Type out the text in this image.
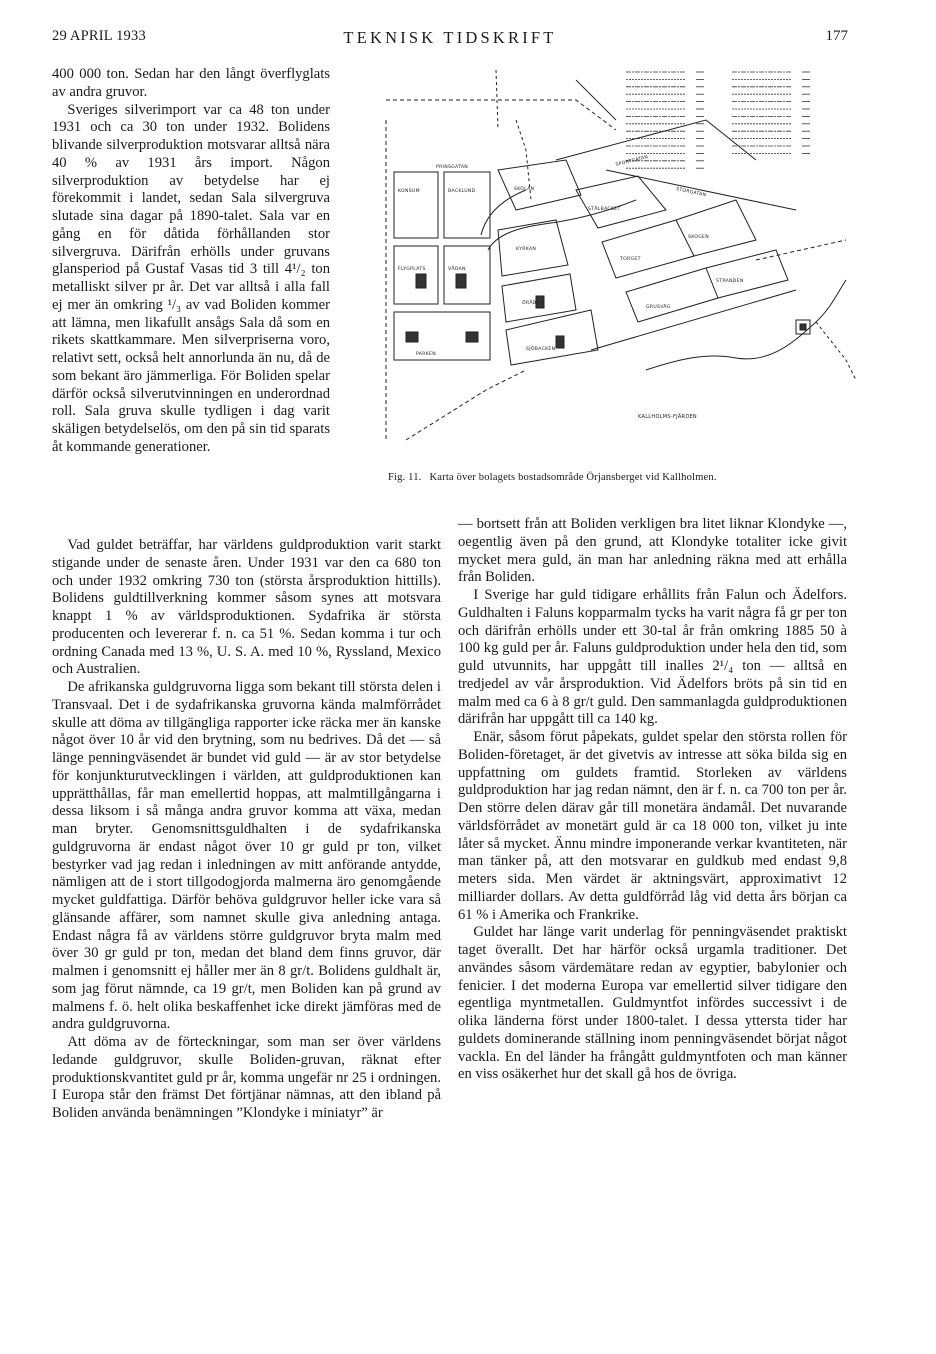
29 APRIL 1933	TEKNISK TIDSKRIFT	177

400 000 ton. Sedan har den långt överflyglats av andra gruvor.

Sveriges silverimport var ca 48 ton under 1931 och ca 30 ton under 1932. Bolidens blivande silverproduktion motsvarar alltså nära 40 % av 1931 års import. Någon silverproduktion av betydelse har ej förekommit i landet, sedan Sala silvergruva slutade sina dagar på 1890-talet. Sala var en gång en för dåtida förhållanden stor silvergruva. Därifrån erhölls under gruvans glansperiod på Gustaf Vasas tid 3 till 4¹/₂ ton metalliskt silver pr år. Det var alltså i alla fall ej mer än omkring ¹/₃ av vad Boliden kommer att lämna, men likafullt ansågs Sala då som en rikets skattkammare. Men silverpriserna voro, relativt sett, också helt annorlunda än nu, då de som bekant äro jämmerliga. För Boliden spelar därför också silverutvinningen en underordnad roll. Sala gruva skulle tydligen i dag varit skäligen betydelselös, om den på sin tid sparats åt kommande generationer.

KONSUM	BACKLUND
FLYGPLATS	VÅDAN
PARKEN
SKOLAN
KYRKAN
ÖRÅBY
SJÖBACKEN
STÅLBACKET
TORGET
GRUSVÄG
SKOGEN
STRANDEN
SPORTGATAN
STORGATAN
PRINSGATAN
KALLHOLMS-FJÄRDEN
Fig. 11. Karta över bolagets bostadsområde Örjansberget vid Kallholmen.

Vad guldet beträffar, har världens guldproduktion varit starkt stigande under de senaste åren. Under 1931 var den ca 680 ton och under 1932 omkring 730 ton (största årsproduktion hittills). Bolidens guldtillverkning kommer såsom synes att motsvara knappt 1 % av världsproduktionen. Sydafrika är största producenten och levererar f. n. ca 51 %. Sedan komma i tur och ordning Canada med 13 %, U. S. A. med 10 %, Ryssland, Mexico och Australien.

De afrikanska guldgruvorna ligga som bekant till största delen i Transvaal. Det i de sydafrikanska gruvorna kända malmförrådet skulle att döma av tillgängliga rapporter icke räcka mer än kanske något över 10 år vid den brytning, som nu bedrives. Då det — så länge penningväsendet är bundet vid guld — är av stor betydelse för konjunkturutvecklingen i världen, att guldproduktionen kan upprätthållas, får man emellertid hoppas, att malmtillgångarna i dessa liksom i så många andra gruvor komma att växa, medan man bryter. Genomsnittsguldhalten i de sydafrikanska guldgruvorna är endast något över 10 gr guld pr ton, vilket bestyrker vad jag redan i inledningen av mitt anförande antydde, nämligen att de i stort tillgodogjorda malmerna äro genomgående mycket guldfattiga. Därför behöva guldgruvor heller icke vara så glänsande affärer, som namnet skulle giva anledning antaga. Endast några få av världens större guldgruvor bryta malm med över 30 gr guld pr ton, medan det bland dem finns gruvor, där malmen i genomsnitt ej håller mer än 8 gr/t. Bolidens guldhalt är, som jag förut nämnde, ca 19 gr/t, men Boliden kan på grund av malmens f. ö. helt olika beskaffenhet icke direkt jämföras med de andra guldgruvorna.

Att döma av de förteckningar, som man ser över världens ledande guldgruvor, skulle Boliden-gruvan, räknat efter produktionskvantitet guld pr år, komma ungefär nr 25 i ordningen. I Europa står den främst Det förtjänar nämnas, att den ibland på Boliden använda benämningen ”Klondyke i miniatyr” är

— bortsett från att Boliden verkligen bra litet liknar Klondyke —, oegentlig även på den grund, att Klondyke totaliter icke givit mycket mera guld, än man har anledning räkna med att erhålla från Boliden.

I Sverige har guld tidigare erhållits från Falun och Ädelfors. Guldhalten i Faluns kopparmalm tycks ha varit några få gr per ton och därifrån erhölls under ett 30-tal år från omkring 1885 50 à 100 kg guld per år. Faluns guldproduktion under hela den tid, som guld utvunnits, har uppgått till inalles 2¹/₄ ton — alltså en tredjedel av vår årsproduktion. Vid Ädelfors bröts på sin tid en malm med ca 6 à 8 gr/t guld. Den sammanlagda guldproduktionen därifrån har uppgått till ca 140 kg.

Enär, såsom förut påpekats, guldet spelar den största rollen för Boliden-företaget, är det givetvis av intresse att söka bilda sig en uppfattning om guldets framtid. Storleken av världens guldproduktion har jag redan nämnt, den är f. n. ca 700 ton per år. Den större delen därav går till monetära ändamål. Det nuvarande världsförrådet av monetärt guld är ca 18 000 ton, vilket ju inte låter så mycket. Ännu mindre imponerande verkar kvantiteten, när man tänker på, att den motsvarar en guldkub med endast 9,8 meters sida. Men värdet är aktningsvärt, approximativt 12 milliarder dollars. Av detta guldförråd låg vid detta års början ca 61 % i Amerika och Frankrike.

Guldet har länge varit underlag för penningväsendet praktiskt taget överallt. Det har härför också urgamla traditioner. Det användes såsom värdemätare redan av egyptier, babylonier och fenicier. I det moderna Europa var emellertid silver tidigare den egentliga myntmetallen. Guldmyntfot infördes successivt i de olika länderna först under 1800-talet. I dessa yttersta tider har guldets dominerande ställning inom penningväsendet börjat något vackla. En del länder ha frångått guldmyntfoten och man känner en viss osäkerhet hur det skall gå hos de övriga.
